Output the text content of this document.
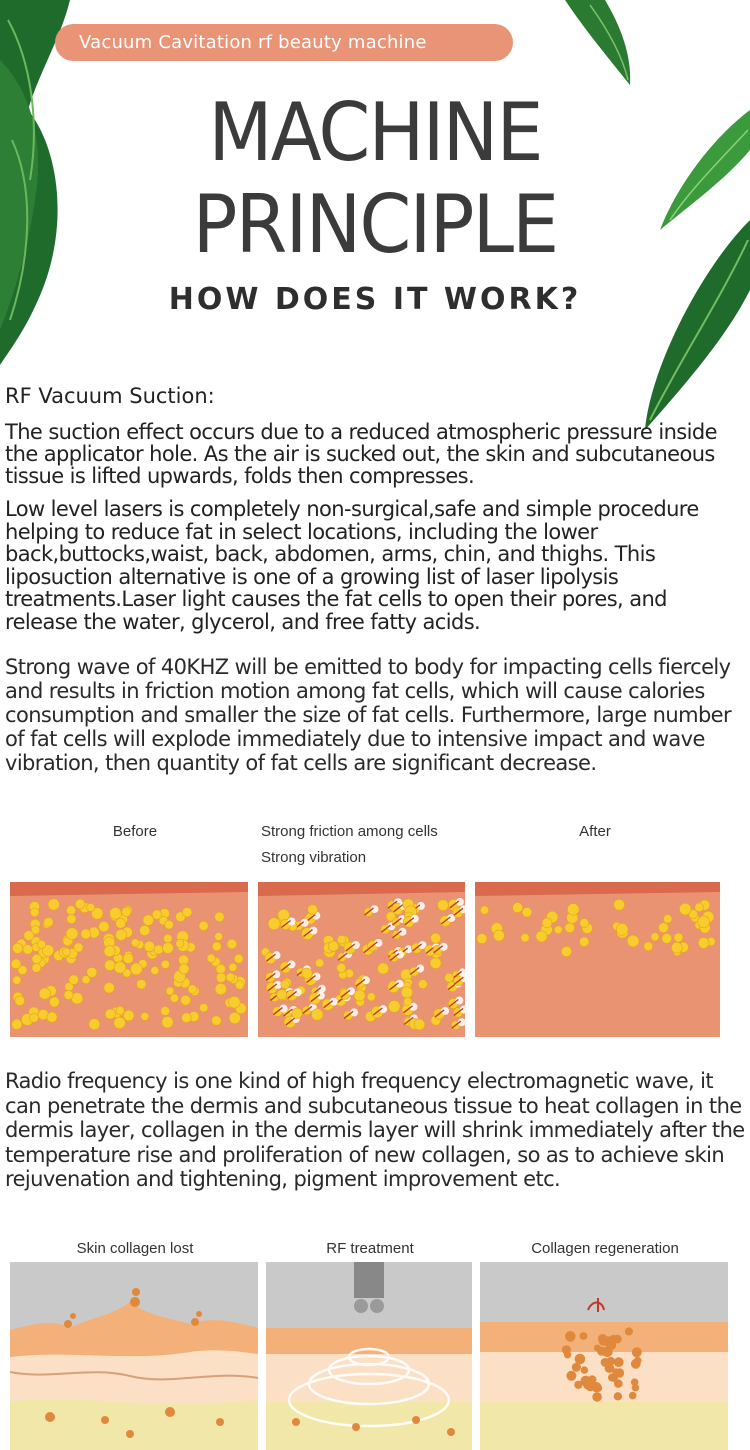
Vacuum Cavitation rf beauty machine
MACHINE
PRINCIPLE
HOW DOES IT WORK?
RF Vacuum Suction:
The suction effect occurs due to a reduced atmospheric pressure inside the applicator hole. As the air is sucked out, the skin and subcutaneous tissue is lifted upwards, folds then compresses.
Low level lasers is completely non-surgical,safe and simple procedure helping to reduce fat in select locations, including the lower back,buttocks,waist, back, abdomen, arms, chin, and thighs. This liposuction alternative is one of a growing list of laser lipolysis treatments.Laser light causes the fat cells to open their pores, and release the water, glycerol, and free fatty acids.
Strong wave of 40KHZ will be emitted to body for impacting cells fiercely and results in friction motion among fat cells, which will cause calories consumption and smaller the size of fat cells. Furthermore, large number of fat cells will explode immediately due to intensive impact and wave vibration, then quantity of fat cells are significant decrease.
Before	Strong friction among cells
Strong vibration
After
Radio frequency is one kind of high frequency electromagnetic wave, it can penetrate the dermis and subcutaneous tissue to heat collagen in the dermis layer, collagen in the dermis layer will shrink immediately after the temperature rise and proliferation of new collagen, so as to achieve skin rejuvenation and tightening, pigment improvement etc.
Skin collagen lost	RF treatment	Collagen regeneration
